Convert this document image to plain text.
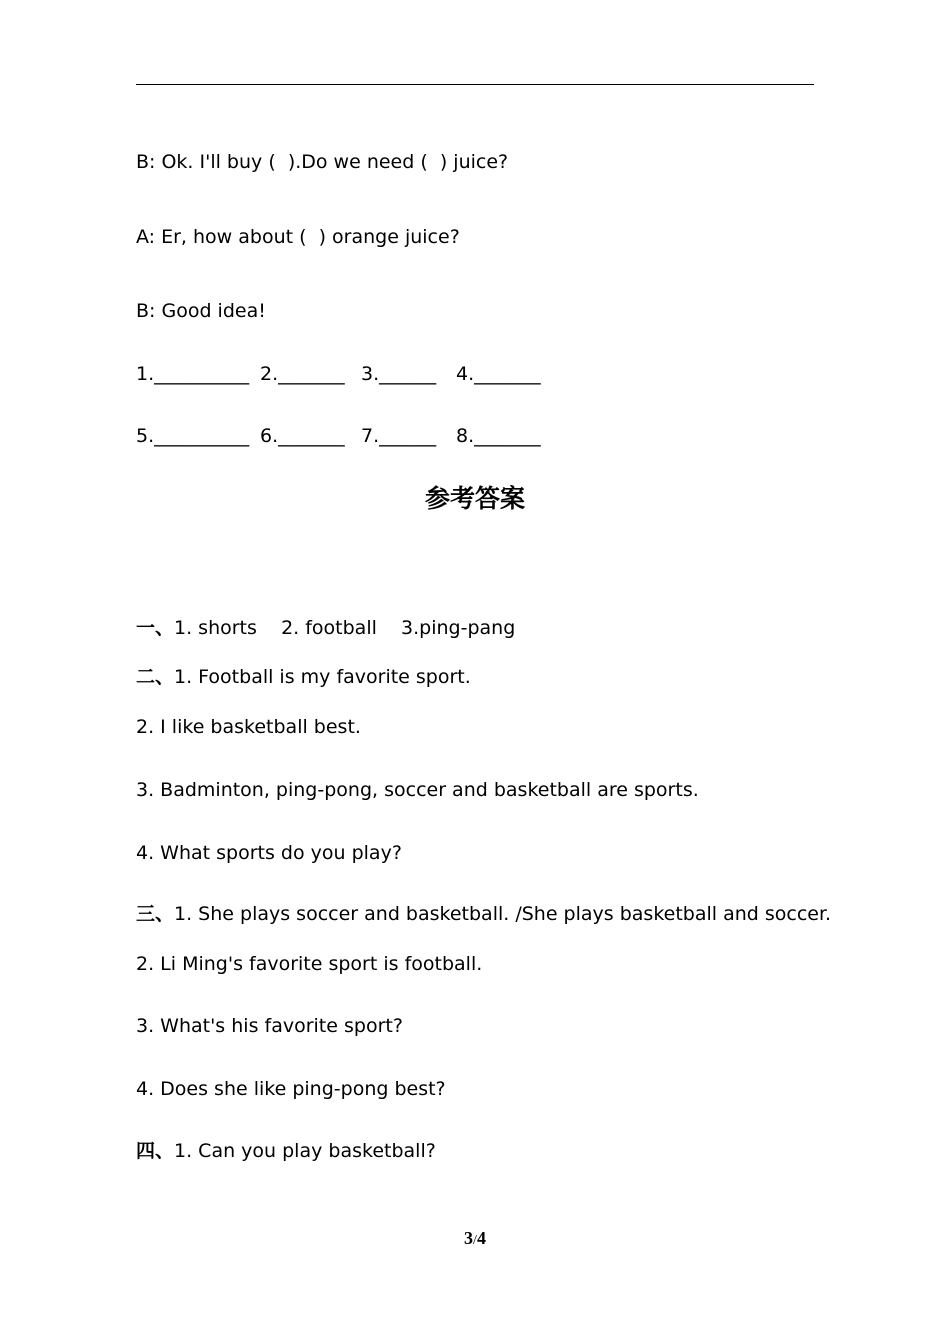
B: Ok. I'll buy (  ).Do we need (  ) juice?
A: Er, how about (  ) orange juice?
B: Good idea!

1.__________

2._______

3.______

4._______

5.__________

6._______

7.______

8._______

参考答案
一、1. shorts    2. football    3.ping-pang
二、1. Football is my favorite sport.
2. I like basketball best.
3. Badminton, ping-pong, soccer and basketball are sports.
4. What sports do you play?
三、1. She plays soccer and basketball. /She plays basketball and soccer.
2. Li Ming's favorite sport is football.
3. What's his favorite sport?
4. Does she like ping-pong best?
四、1. Can you play basketball?
3/4
